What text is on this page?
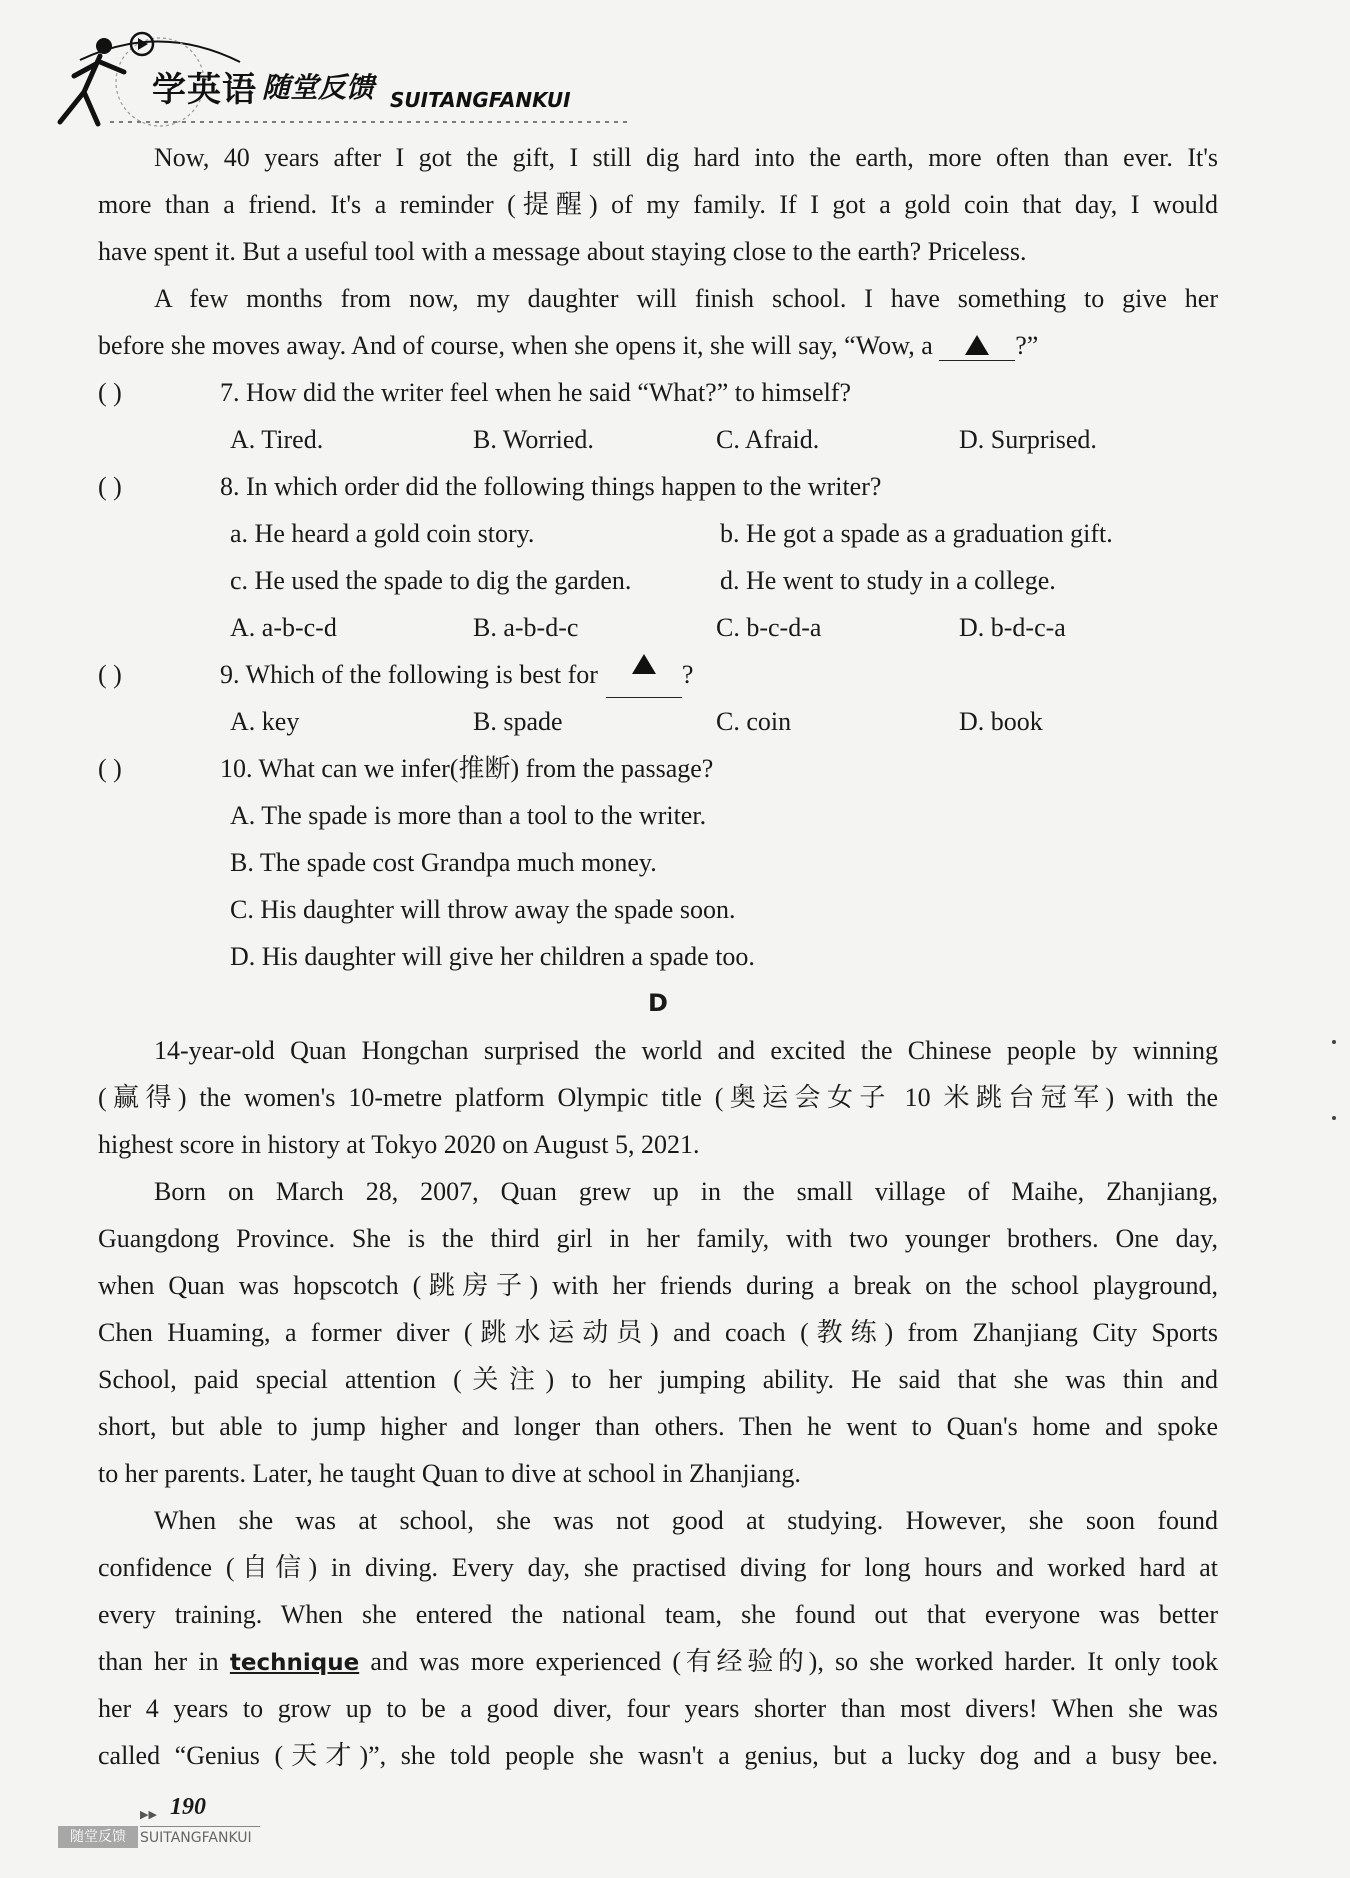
学英语 随堂反馈 SUITANGFANKUI
Now, 40 years after I got the gift, I still dig hard into the earth, more often than ever. It's
more than a friend. It's a reminder (提醒) of my family. If I got a gold coin that day, I would
have spent it. But a useful tool with a message about staying close to the earth? Priceless.
A few months from now, my daughter will finish school. I have something to give her
before she moves away. And of course, when she opens it, she will say, “Wow, a	?”
( )	7. How did the writer feel when he said “What?” to himself?
A. Tired.	B. Worried.	C. Afraid.	D. Surprised.
( )	8. In which order did the following things happen to the writer?
a. He heard a gold coin story.	b. He got a spade as a graduation gift.
c. He used the spade to dig the garden.	d. He went to study in a college.
A. a-b-c-d	B. a-b-d-c	C. b-c-d-a	D. b-d-c-a
( )	9. Which of the following is best for	?
A. key	B. spade	C. coin	D. book
( )	10. What can we infer(推断) from the passage?
A. The spade is more than a tool to the writer.
B. The spade cost Grandpa much money.
C. His daughter will throw away the spade soon.
D. His daughter will give her children a spade too.
D
14-year-old Quan Hongchan surprised the world and excited the Chinese people by winning
(赢得) the women's 10-metre platform Olympic title (奥运会女子 10 米跳台冠军) with the
highest score in history at Tokyo 2020 on August 5, 2021.
Born on March 28, 2007, Quan grew up in the small village of Maihe, Zhanjiang,
Guangdong Province. She is the third girl in her family, with two younger brothers. One day,
when Quan was hopscotch (跳房子) with her friends during a break on the school playground,
Chen Huaming, a former diver (跳水运动员) and coach (教练) from Zhanjiang City Sports
School, paid special attention (关注) to her jumping ability. He said that she was thin and
short, but able to jump higher and longer than others. Then he went to Quan's home and spoke
to her parents. Later, he taught Quan to dive at school in Zhanjiang.
When she was at school, she was not good at studying. However, she soon found
confidence (自信) in diving. Every day, she practised diving for long hours and worked hard at
every training. When she entered the national team, she found out that everyone was better
than her in technique and was more experienced (有经验的), so she worked harder. It only took
her 4 years to grow up to be a good diver, four years shorter than most divers! When she was
called “Genius (天才)”, she told people she wasn't a genius, but a lucky dog and a busy bee.
▶▶ 190
随堂反馈	SUITANGFANKUI
